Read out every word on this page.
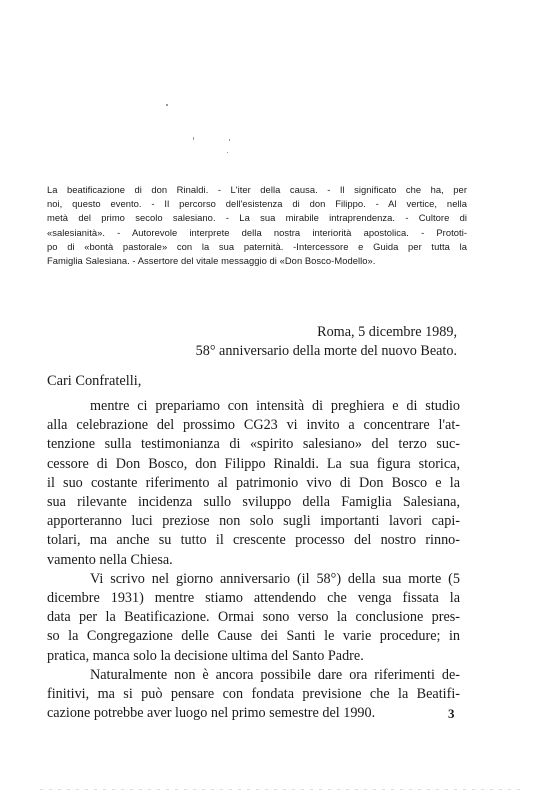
La beatificazione di don Rinaldi. - L'iter della causa. - Il significato che ha, per
noi, questo evento. - Il percorso dell'esistenza di don Filippo. - Al vertice, nella
metà del primo secolo salesiano. - La sua mirabile intraprendenza. - Cultore di
«salesianità». - Autorevole interprete della nostra interiorità apostolica. - Prototi-
po di «bontà pastorale» con la sua paternità. -Intercessore e Guida per tutta la
Famiglia Salesiana. - Assertore del vitale messaggio di «Don Bosco-Modello».
Roma, 5 dicembre 1989,
58° anniversario della morte del nuovo Beato.
Cari Confratelli,
mentre ci prepariamo con intensità di preghiera e di studio
alla celebrazione del prossimo CG23 vi invito a concentrare l'at-
tenzione sulla testimonianza di «spirito salesiano» del terzo suc-
cessore di Don Bosco, don Filippo Rinaldi. La sua figura storica,
il suo costante riferimento al patrimonio vivo di Don Bosco e la
sua rilevante incidenza sullo sviluppo della Famiglia Salesiana,
apporteranno luci preziose non solo sugli importanti lavori capi-
tolari, ma anche su tutto il crescente processo del nostro rinno-
vamento nella Chiesa.
Vi scrivo nel giorno anniversario (il 58°) della sua morte (5
dicembre 1931) mentre stiamo attendendo che venga fissata la
data per la Beatificazione. Ormai sono verso la conclusione pres-
so la Congregazione delle Cause dei Santi le varie procedure; in
pratica, manca solo la decisione ultima del Santo Padre.
Naturalmente non è ancora possibile dare ora riferimenti de-
finitivi, ma si può pensare con fondata previsione che la Beatifi-
cazione potrebbe aver luogo nel primo semestre del 1990.	3
